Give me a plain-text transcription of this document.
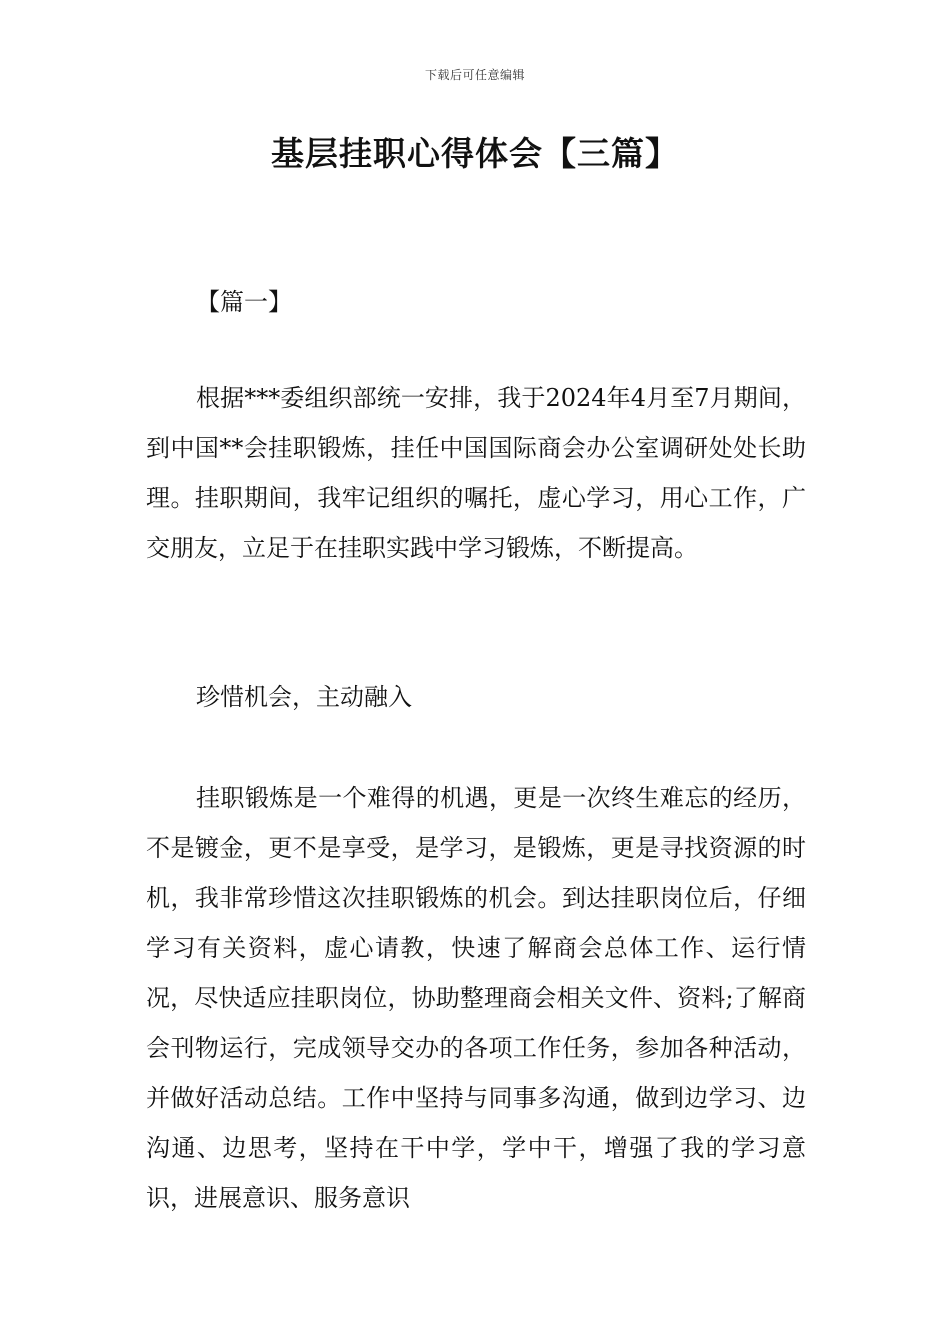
下载后可任意编辑
基层挂职心得体会【三篇】
【篇一】
根据***委组织部统一安排，我于2024年4月至7月期间，到中国**会挂职锻炼，挂任中国国际商会办公室调研处处长助理。挂职期间，我牢记组织的嘱托，虚心学习，用心工作，广交朋友，立足于在挂职实践中学习锻炼，不断提高。
珍惜机会，主动融入
挂职锻炼是一个难得的机遇，更是一次终生难忘的经历，不是镀金，更不是享受，是学习，是锻炼，更是寻找资源的时机，我非常珍惜这次挂职锻炼的机会。到达挂职岗位后，仔细学习有关资料，虚心请教，快速了解商会总体工作、运行情况，尽快适应挂职岗位，协助整理商会相关文件、资料;了解商会刊物运行，完成领导交办的各项工作任务，参加各种活动，并做好活动总结。工作中坚持与同事多沟通，做到边学习、边沟通、边思考，坚持在干中学，学中干，增强了我的学习意识，进展意识、服务意识
